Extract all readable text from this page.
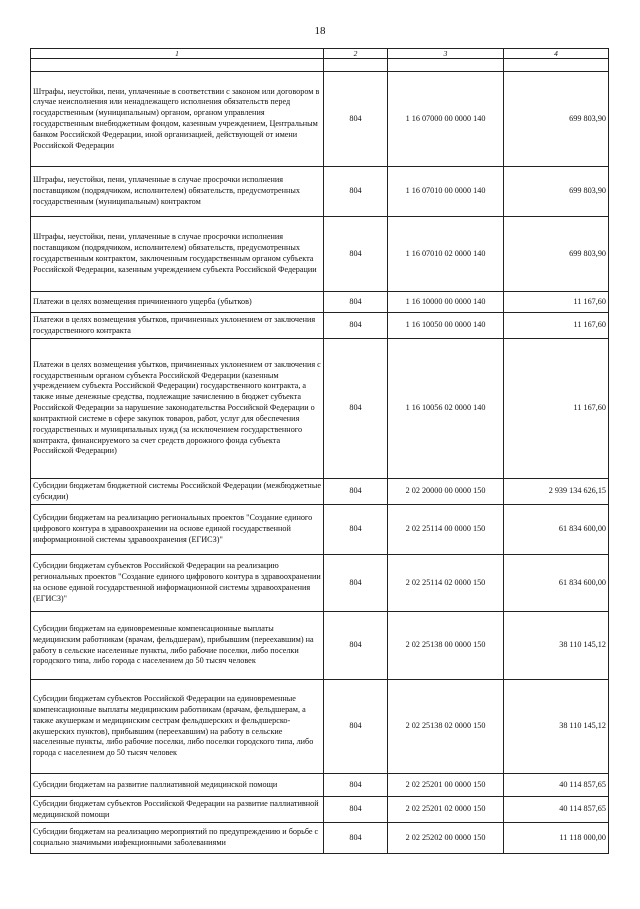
18
1	2	3	4

Штрафы, неустойки, пени, уплаченные в соответствии с законом или договором в случае неисполнения или ненадлежащего исполнения обязательств перед государственным (муниципальным) органом, органом управления государственным внебюджетным фондом, казенным учреждением, Центральным банком Российской Федерации, иной организацией, действующей от имени Российской Федерации	804	1 16 07000 00 0000 140	699 803,90
Штрафы, неустойки, пени, уплаченные в случае просрочки исполнения поставщиком (подрядчиком, исполнителем) обязательств, предусмотренных государственным (муниципальным) контрактом	804	1 16 07010 00 0000 140	699 803,90
Штрафы, неустойки, пени, уплаченные в случае просрочки исполнения поставщиком (подрядчиком, исполнителем) обязательств, предусмотренных государственным контрактом, заключенным государственным органом субъекта Российской Федерации, казенным учреждением субъекта Российской Федерации	804	1 16 07010 02 0000 140	699 803,90
Платежи в целях возмещения причиненного ущерба (убытков)	804	1 16 10000 00 0000 140	11 167,60
Платежи в целях возмещения убытков, причиненных уклонением от заключения государственного контракта	804	1 16 10050 00 0000 140	11 167,60
Платежи в целях возмещения убытков, причиненных уклонением от заключения с государственным органом субъекта Российской Федерации (казенным учреждением субъекта Российской Федерации) государственного контракта, а также иные денежные средства, подлежащие зачислению в бюджет субъекта Российской Федерации за нарушение законодательства Российской Федерации о контрактной системе в сфере закупок товаров, работ, услуг для обеспечения государственных и муниципальных нужд (за исключением государственного контракта, финансируемого за счет средств дорожного фонда субъекта Российской Федерации)	804	1 16 10056 02 0000 140	11 167,60
Субсидии бюджетам бюджетной системы Российской Федерации (межбюджетные субсидии)	804	2 02 20000 00 0000 150	2 939 134 626,15
Субсидии бюджетам на реализацию региональных проектов "Создание единого цифрового контура в здравоохранении на основе единой государственной информационной системы здравоохранения (ЕГИСЗ)"	804	2 02 25114 00 0000 150	61 834 600,00
Субсидии бюджетам субъектов Российской Федерации на реализацию региональных проектов "Создание единого цифрового контура в здравоохранении на основе единой государственной информационной системы здравоохранения (ЕГИСЗ)"	804	2 02 25114 02 0000 150	61 834 600,00
Субсидии бюджетам на единовременные компенсационные выплаты медицинским работникам (врачам, фельдшерам), прибывшим (переехавшим) на работу в сельские населенные пункты, либо рабочие поселки, либо поселки городского типа, либо города с населением до 50 тысяч человек	804	2 02 25138 00 0000 150	38 110 145,12
Субсидии бюджетам субъектов Российской Федерации на единовременные компенсационные выплаты медицинским работникам (врачам, фельдшерам, а также акушеркам и медицинским сестрам фельдшерских и фельдшерско-акушерских пунктов), прибывшим (переехавшим) на работу в сельские населенные пункты, либо рабочие поселки, либо поселки городского типа, либо города с населением до 50 тысяч человек	804	2 02 25138 02 0000 150	38 110 145,12
Субсидии бюджетам на развитие паллиативной медицинской помощи	804	2 02 25201 00 0000 150	40 114 857,65
Субсидии бюджетам субъектов Российской Федерации на развитие паллиативной медицинской помощи	804	2 02 25201 02 0000 150	40 114 857,65
Субсидии бюджетам на реализацию мероприятий по предупреждению и борьбе с социально значимыми инфекционными заболеваниями	804	2 02 25202 00 0000 150	11 118 000,00
